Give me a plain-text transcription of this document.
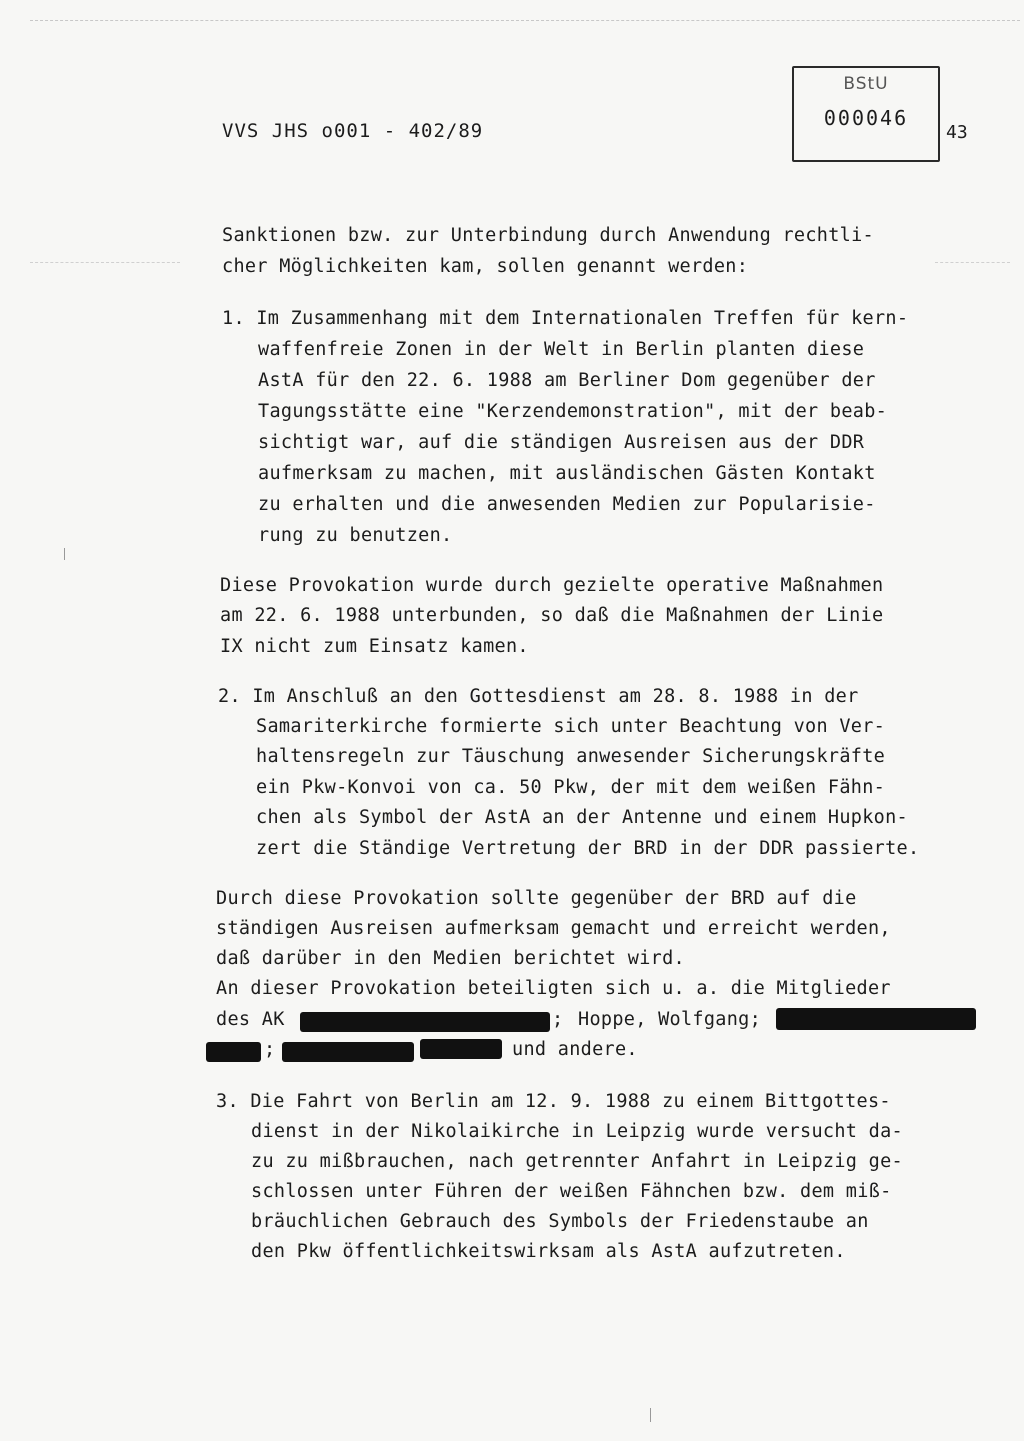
VVS JHS o001 - 402/89
BStU
000046
43
Sanktionen bzw. zur Unterbindung durch Anwendung rechtli-
cher Möglichkeiten kam, sollen genannt werden:
1. Im Zusammenhang mit dem Internationalen Treffen für kern-
waffenfreie Zonen in der Welt in Berlin planten diese
AstA für den 22. 6. 1988 am Berliner Dom gegenüber der
Tagungsstätte eine "Kerzendemonstration", mit der beab-
sichtigt war, auf die ständigen Ausreisen aus der DDR
aufmerksam zu machen, mit ausländischen Gästen Kontakt
zu erhalten und die anwesenden Medien zur Popularisie-
rung zu benutzen.
Diese Provokation wurde durch gezielte operative Maßnahmen
am 22. 6. 1988 unterbunden, so daß die Maßnahmen der Linie
IX nicht zum Einsatz kamen.
2. Im Anschluß an den Gottesdienst am 28. 8. 1988 in der
Samariterkirche formierte sich unter Beachtung von Ver-
haltensregeln zur Täuschung anwesender Sicherungskräfte
ein Pkw-Konvoi von ca. 50 Pkw, der mit dem weißen Fähn-
chen als Symbol der AstA an der Antenne und einem Hupkon-
zert die Ständige Vertretung der BRD in der DDR passierte.
Durch diese Provokation sollte gegenüber der BRD auf die
ständigen Ausreisen aufmerksam gemacht und erreicht werden,
daß darüber in den Medien berichtet wird.
An dieser Provokation beteiligten sich u. a. die Mitglieder
des AK	; Hoppe, Wolfgang;
;	und andere.
3. Die Fahrt von Berlin am 12. 9. 1988 zu einem Bittgottes-
dienst in der Nikolaikirche in Leipzig wurde versucht da-
zu zu mißbrauchen, nach getrennter Anfahrt in Leipzig ge-
schlossen unter Führen der weißen Fähnchen bzw. dem miß-
bräuchlichen Gebrauch des Symbols der Friedenstaube an
den Pkw öffentlichkeitswirksam als AstA aufzutreten.
